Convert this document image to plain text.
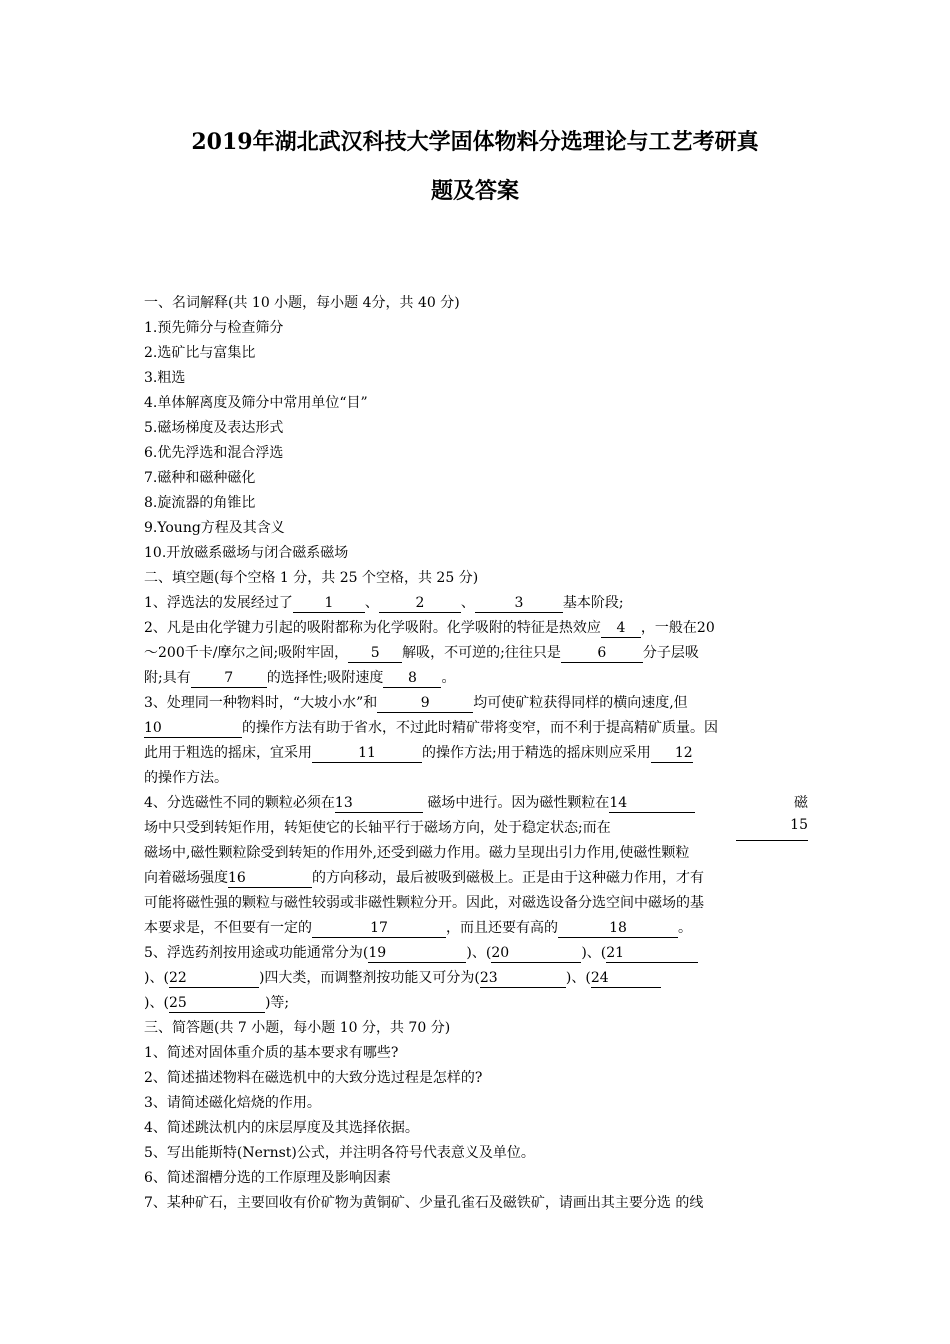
2019年湖北武汉科技大学固体物料分选理论与工艺考研真
题及答案
一、名词解释(共 10 小题，每小题 4分，共 40 分)
1.预先筛分与检查筛分
2.选矿比与富集比
3.粗选
4.单体解离度及筛分中常用单位“目”
5.磁场梯度及表达形式
6.优先浮选和混合浮选
7.磁种和磁种磁化
8.旋流器的角锥比
9.Young方程及其含义
10.开放磁系磁场与闭合磁系磁场
二、填空题(每个空格 1 分，共 25 个空格，共 25 分)
1、浮选法的发展经过了 1 、	2	、	3	基本阶段;
2、凡是由化学键力引起的吸附都称为化学吸附。化学吸附的特征是热效应 4 ，一般在20
～200千卡/摩尔之间;吸附牢固， 5 解吸，不可逆的;往往只是	6	分子层吸
附;具有 7 的选择性;吸附速度 8 。
3、处理同一种物料时，“大坡小水”和	9	均可使矿粒获得同样的横向速度,但
10	的操作方法有助于省水，不过此时精矿带将变窄，而不利于提高精矿质量。因
此用于粗选的摇床，宜采用	11	的操作方法;用于精选的摇床则应采用 12
的操作方法。
4、分选磁性不同的颗粒必须在13	磁场中进行。因为磁性颗粒在14	磁
场中只受到转矩作用，转矩使它的长轴平行于磁场方向，处于稳定状态;而在	15
磁场中,磁性颗粒除受到转矩的作用外,还受到磁力作用。磁力呈现出引力作用,使磁性颗粒
向着磁场强度16	的方向移动，最后被吸到磁极上。正是由于这种磁力作用，才有
可能将磁性强的颗粒与磁性较弱或非磁性颗粒分开。因此，对磁选设备分选空间中磁场的基
本要求是，不但要有一定的	17	，而且还要有高的	18	。
5、浮选药剂按用途或功能通常分为(19	)、(20	)、(21
)、(22	)四大类，而调整剂按功能又可分为(23	)、(24
)、(25	)等;
三、简答题(共 7 小题，每小题 10 分，共 70 分)
1、简述对固体重介质的基本要求有哪些?
2、简述描述物料在磁选机中的大致分选过程是怎样的?
3、请简述磁化焙烧的作用。
4、简述跳汰机内的床层厚度及其选择依据。
5、写出能斯特(Nernst)公式，并注明各符号代表意义及单位。
6、简述溜槽分选的工作原理及影响因素
7、某种矿石，主要回收有价矿物为黄铜矿、少量孔雀石及磁铁矿，请画出其主要分选 的线
